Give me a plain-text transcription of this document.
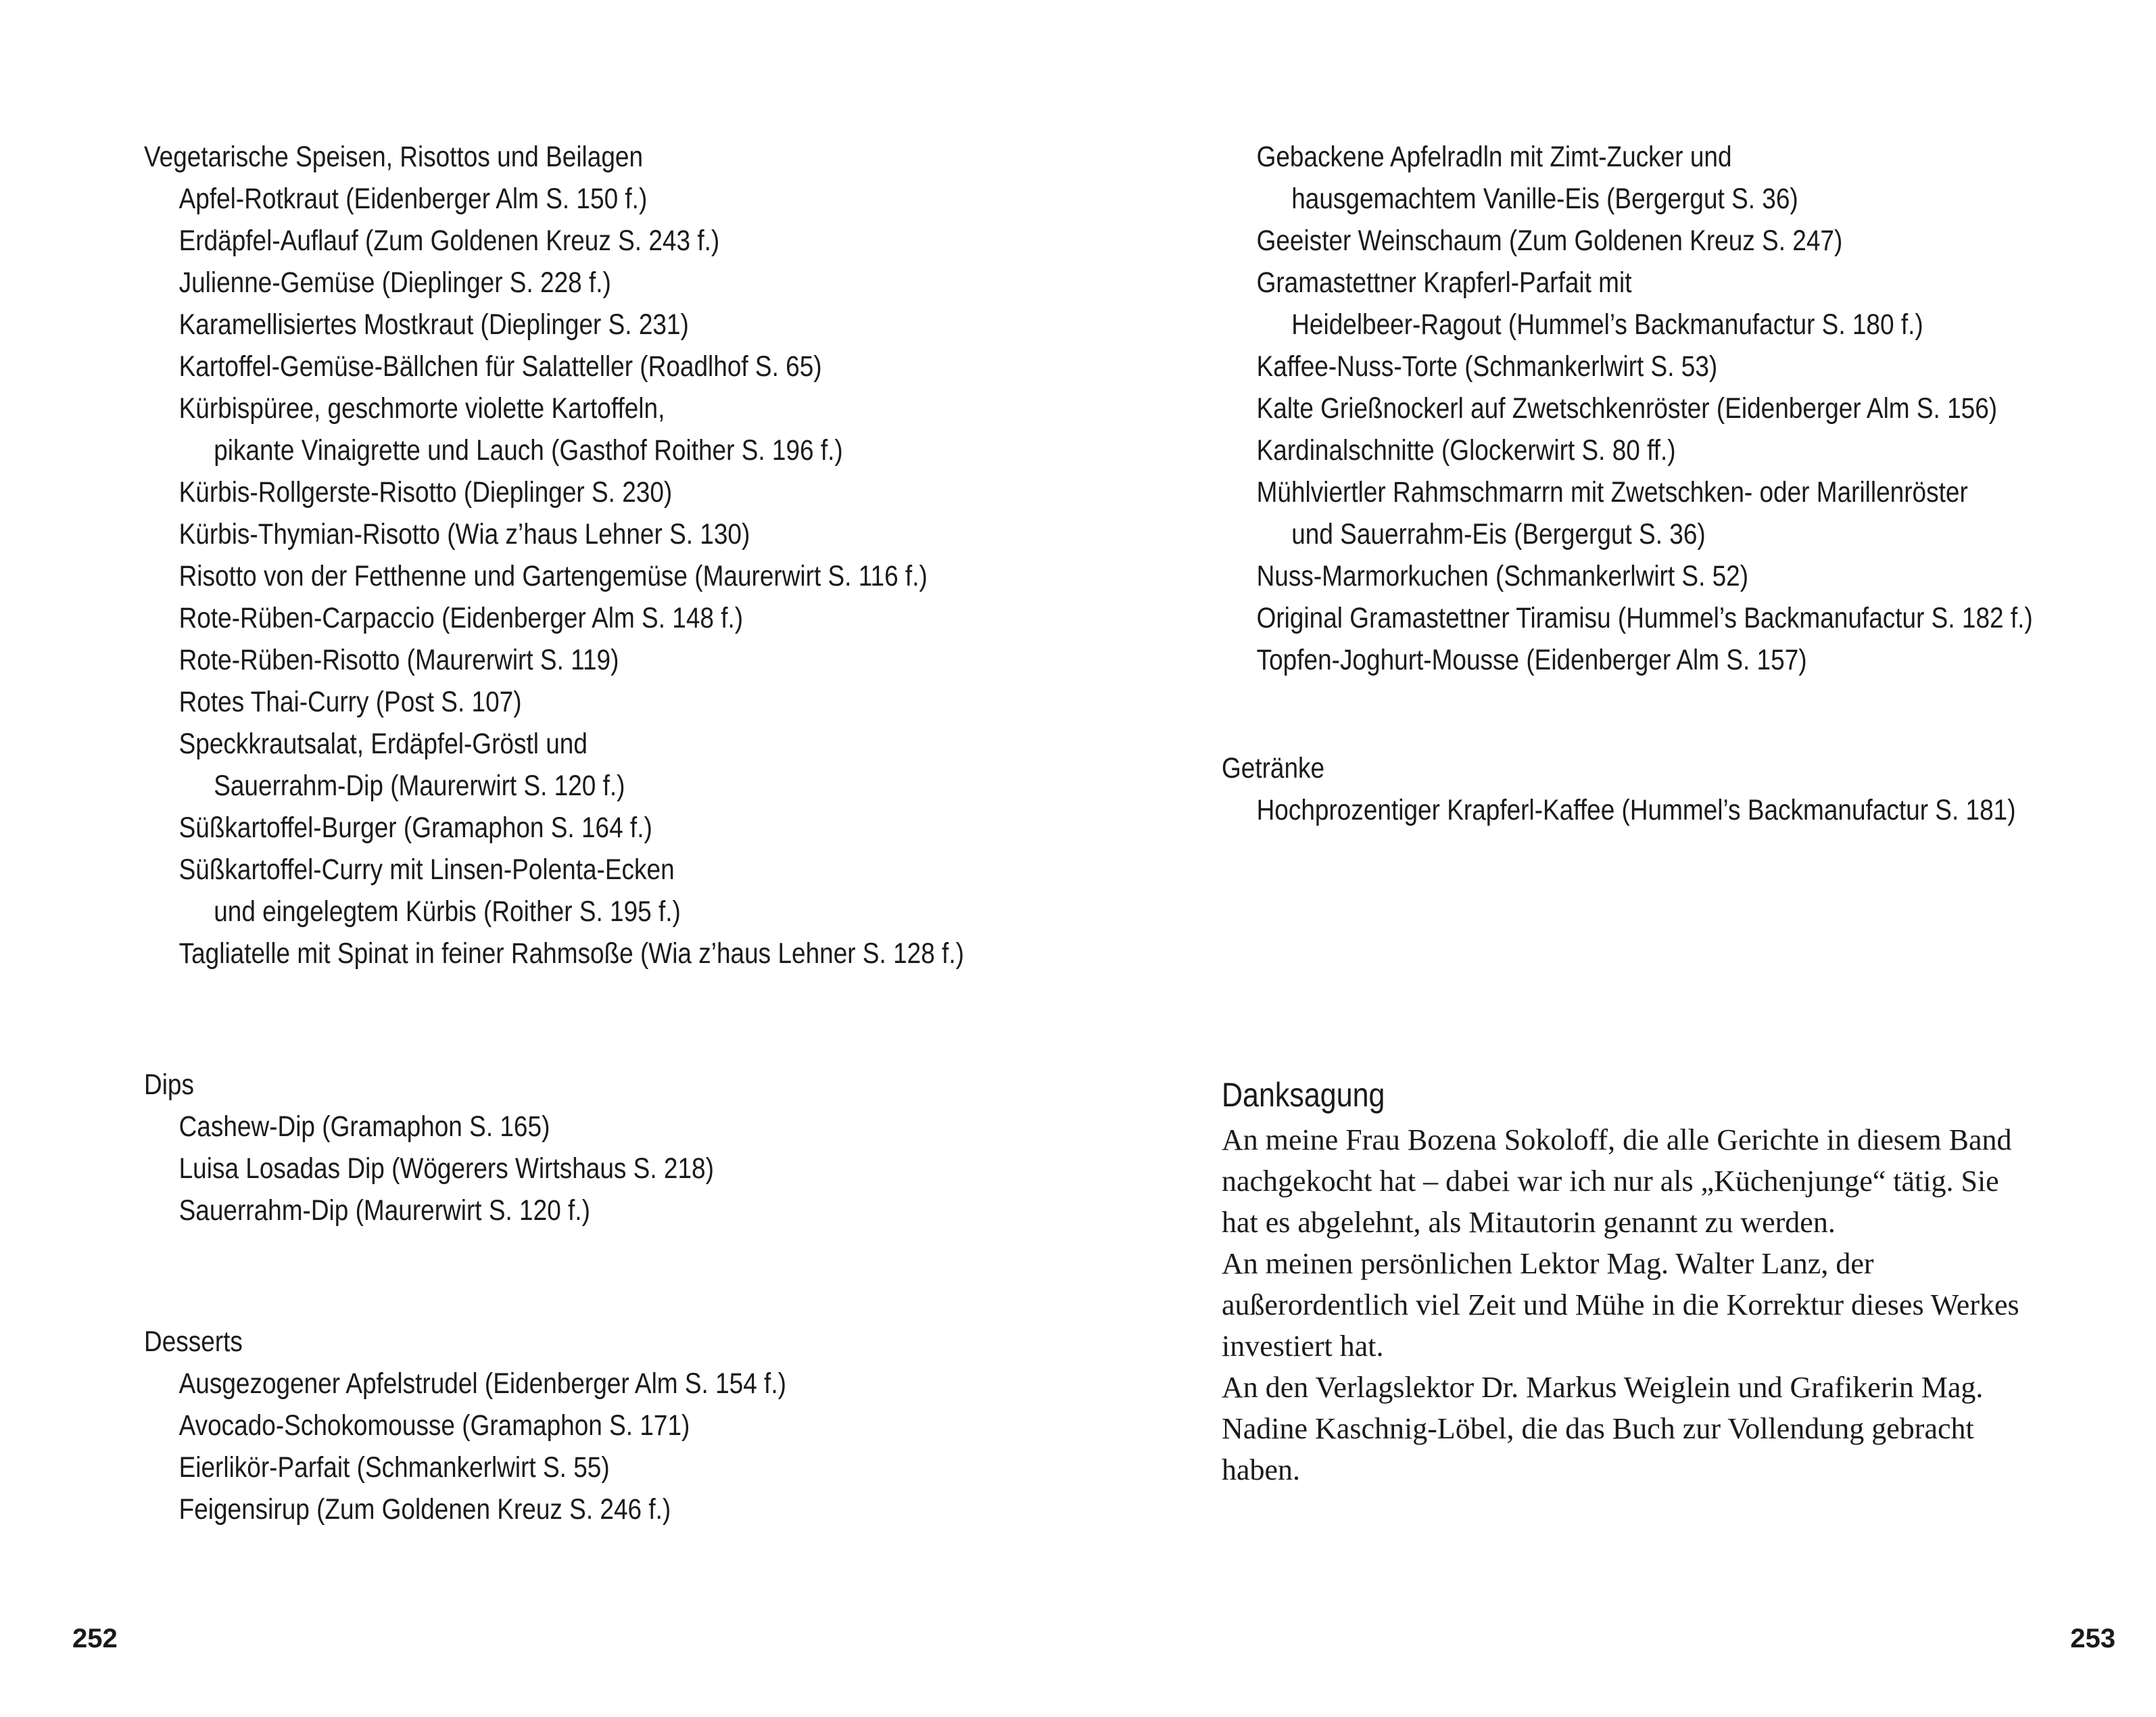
Vegetarische Speisen, Risottos und Beilagen
Apfel-Rotkraut (Eidenberger Alm S. 150 f.)
Erdäpfel-Auflauf (Zum Goldenen Kreuz S. 243 f.)
Julienne-Gemüse (Dieplinger S. 228 f.)
Karamellisiertes Mostkraut (Dieplinger S. 231)
Kartoffel-Gemüse-Bällchen für Salatteller (Roadlhof S. 65)
Kürbispüree, geschmorte violette Kartoffeln,
pikante Vinaigrette und Lauch (Gasthof Roither S. 196 f.)
Kürbis-Rollgerste-Risotto (Dieplinger S. 230)
Kürbis-Thymian-Risotto (Wia z’haus Lehner S. 130)
Risotto von der Fetthenne und Gartengemüse (Maurerwirt S. 116 f.)
Rote-Rüben-Carpaccio (Eidenberger Alm S. 148 f.)
Rote-Rüben-Risotto (Maurerwirt S. 119)
Rotes Thai-Curry (Post S. 107)
Speckkrautsalat, Erdäpfel-Gröstl und
Sauerrahm-Dip (Maurerwirt S. 120 f.)
Süßkartoffel-Burger (Gramaphon S. 164 f.)
Süßkartoffel-Curry mit Linsen-Polenta-Ecken
und eingelegtem Kürbis (Roither S. 195 f.)
Tagliatelle mit Spinat in feiner Rahmsoße (Wia z’haus Lehner S. 128 f.)
Dips
Cashew-Dip (Gramaphon S. 165)
Luisa Losadas Dip (Wögerers Wirtshaus S. 218)
Sauerrahm-Dip (Maurerwirt S. 120 f.)
Desserts
Ausgezogener Apfelstrudel (Eidenberger Alm S. 154 f.)
Avocado-Schokomousse (Gramaphon S. 171)
Eierlikör-Parfait (Schmankerlwirt S. 55)
Feigensirup (Zum Goldenen Kreuz S. 246 f.)
252
Gebackene Apfelradln mit Zimt-Zucker und
hausgemachtem Vanille-Eis (Bergergut S. 36)
Geeister Weinschaum (Zum Goldenen Kreuz S. 247)
Gramastettner Krapferl-Parfait mit
Heidelbeer-Ragout (Hummel’s Backmanufactur S. 180 f.)
Kaffee-Nuss-Torte (Schmankerlwirt S. 53)
Kalte Grießnockerl auf Zwetschkenröster (Eidenberger Alm S. 156)
Kardinalschnitte (Glockerwirt S. 80 ff.)
Mühlviertler Rahmschmarrn mit Zwetschken- oder Marillenröster
und Sauerrahm-Eis (Bergergut S. 36)
Nuss-Marmorkuchen (Schmankerlwirt S. 52)
Original Gramastettner Tiramisu (Hummel’s Backmanufactur S. 182 f.)
Topfen-Joghurt-Mousse (Eidenberger Alm S. 157)
Getränke
Hochprozentiger Krapferl-Kaffee (Hummel’s Backmanufactur S. 181)
Danksagung

An meine Frau Bozena Sokoloff, die alle Gerichte in diesem Band nachgekocht hat – dabei war ich nur als „Küchenjunge“ tätig. Sie hat es abgelehnt, als Mitautorin genannt zu werden.

An meinen persönlichen Lektor Mag. Walter Lanz, der außerordentlich viel Zeit und Mühe in die Korrektur dieses Werkes investiert hat.

An den Verlagslektor Dr. Markus Weiglein und Grafikerin Mag. Nadine Kaschnig-Löbel, die das Buch zur Vollendung gebracht haben.

253
